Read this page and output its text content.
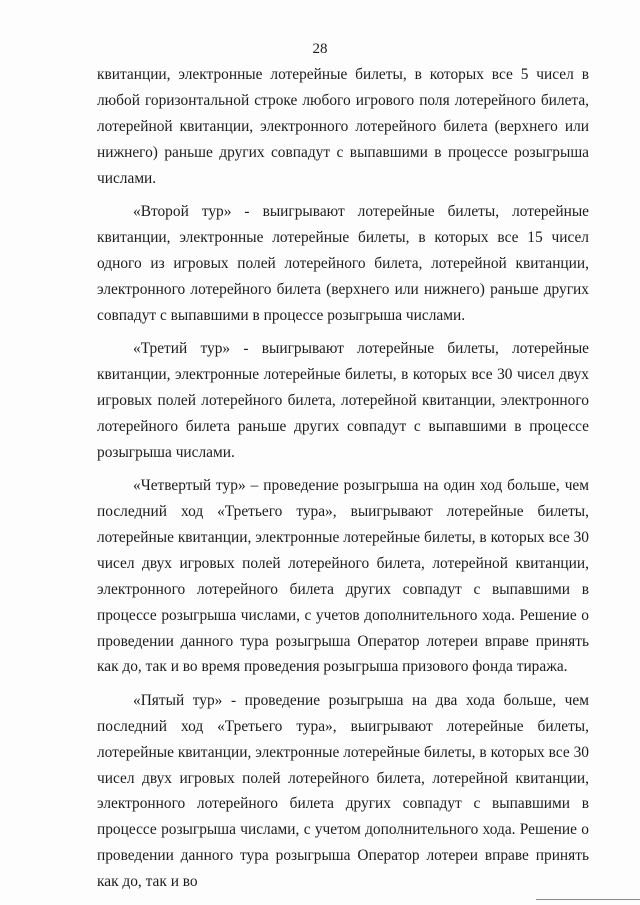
28

квитанции, электронные лотерейные билеты, в которых все 5 чисел в любой горизонтальной строке любого игрового поля лотерейного билета, лотерейной квитанции, электронного лотерейного билета (верхнего или нижнего) раньше других совпадут с выпавшими в процессе розыгрыша числами.

«Второй тур» - выигрывают лотерейные билеты, лотерейные квитанции, электронные лотерейные билеты, в которых все 15 чисел одного из игровых полей лотерейного билета, лотерейной квитанции, электронного лотерейного билета (верхнего или нижнего) раньше других совпадут с выпавшими в процессе розыгрыша числами.

«Третий тур» - выигрывают лотерейные билеты, лотерейные квитанции, электронные лотерейные билеты, в которых все 30 чисел двух игровых полей лотерейного билета, лотерейной квитанции, электронного лотерейного билета раньше других совпадут с выпавшими в процессе розыгрыша числами.

«Четвертый тур» – проведение розыгрыша на один ход больше, чем последний ход «Третьего тура», выигрывают лотерейные билеты, лотерейные квитанции, электронные лотерейные билеты, в которых все 30 чисел двух игровых полей лотерейного билета, лотерейной квитанции, электронного лотерейного билета других совпадут с выпавшими в процессе розыгрыша числами, с учетов дополнительного хода. Решение о проведении данного тура розыгрыша Оператор лотереи вправе принять как до, так и во время проведения розыгрыша призового фонда тиража.

«Пятый тур» - проведение розыгрыша на два хода больше, чем последний ход «Третьего тура», выигрывают лотерейные билеты, лотерейные квитанции, электронные лотерейные билеты, в которых все 30 чисел двух игровых полей лотерейного билета, лотерейной квитанции, электронного лотерейного билета других совпадут с выпавшими в процессе розыгрыша числами, с учетом дополнительного хода. Решение о проведении данного тура розыгрыша Оператор лотереи вправе принять как до, так и во
